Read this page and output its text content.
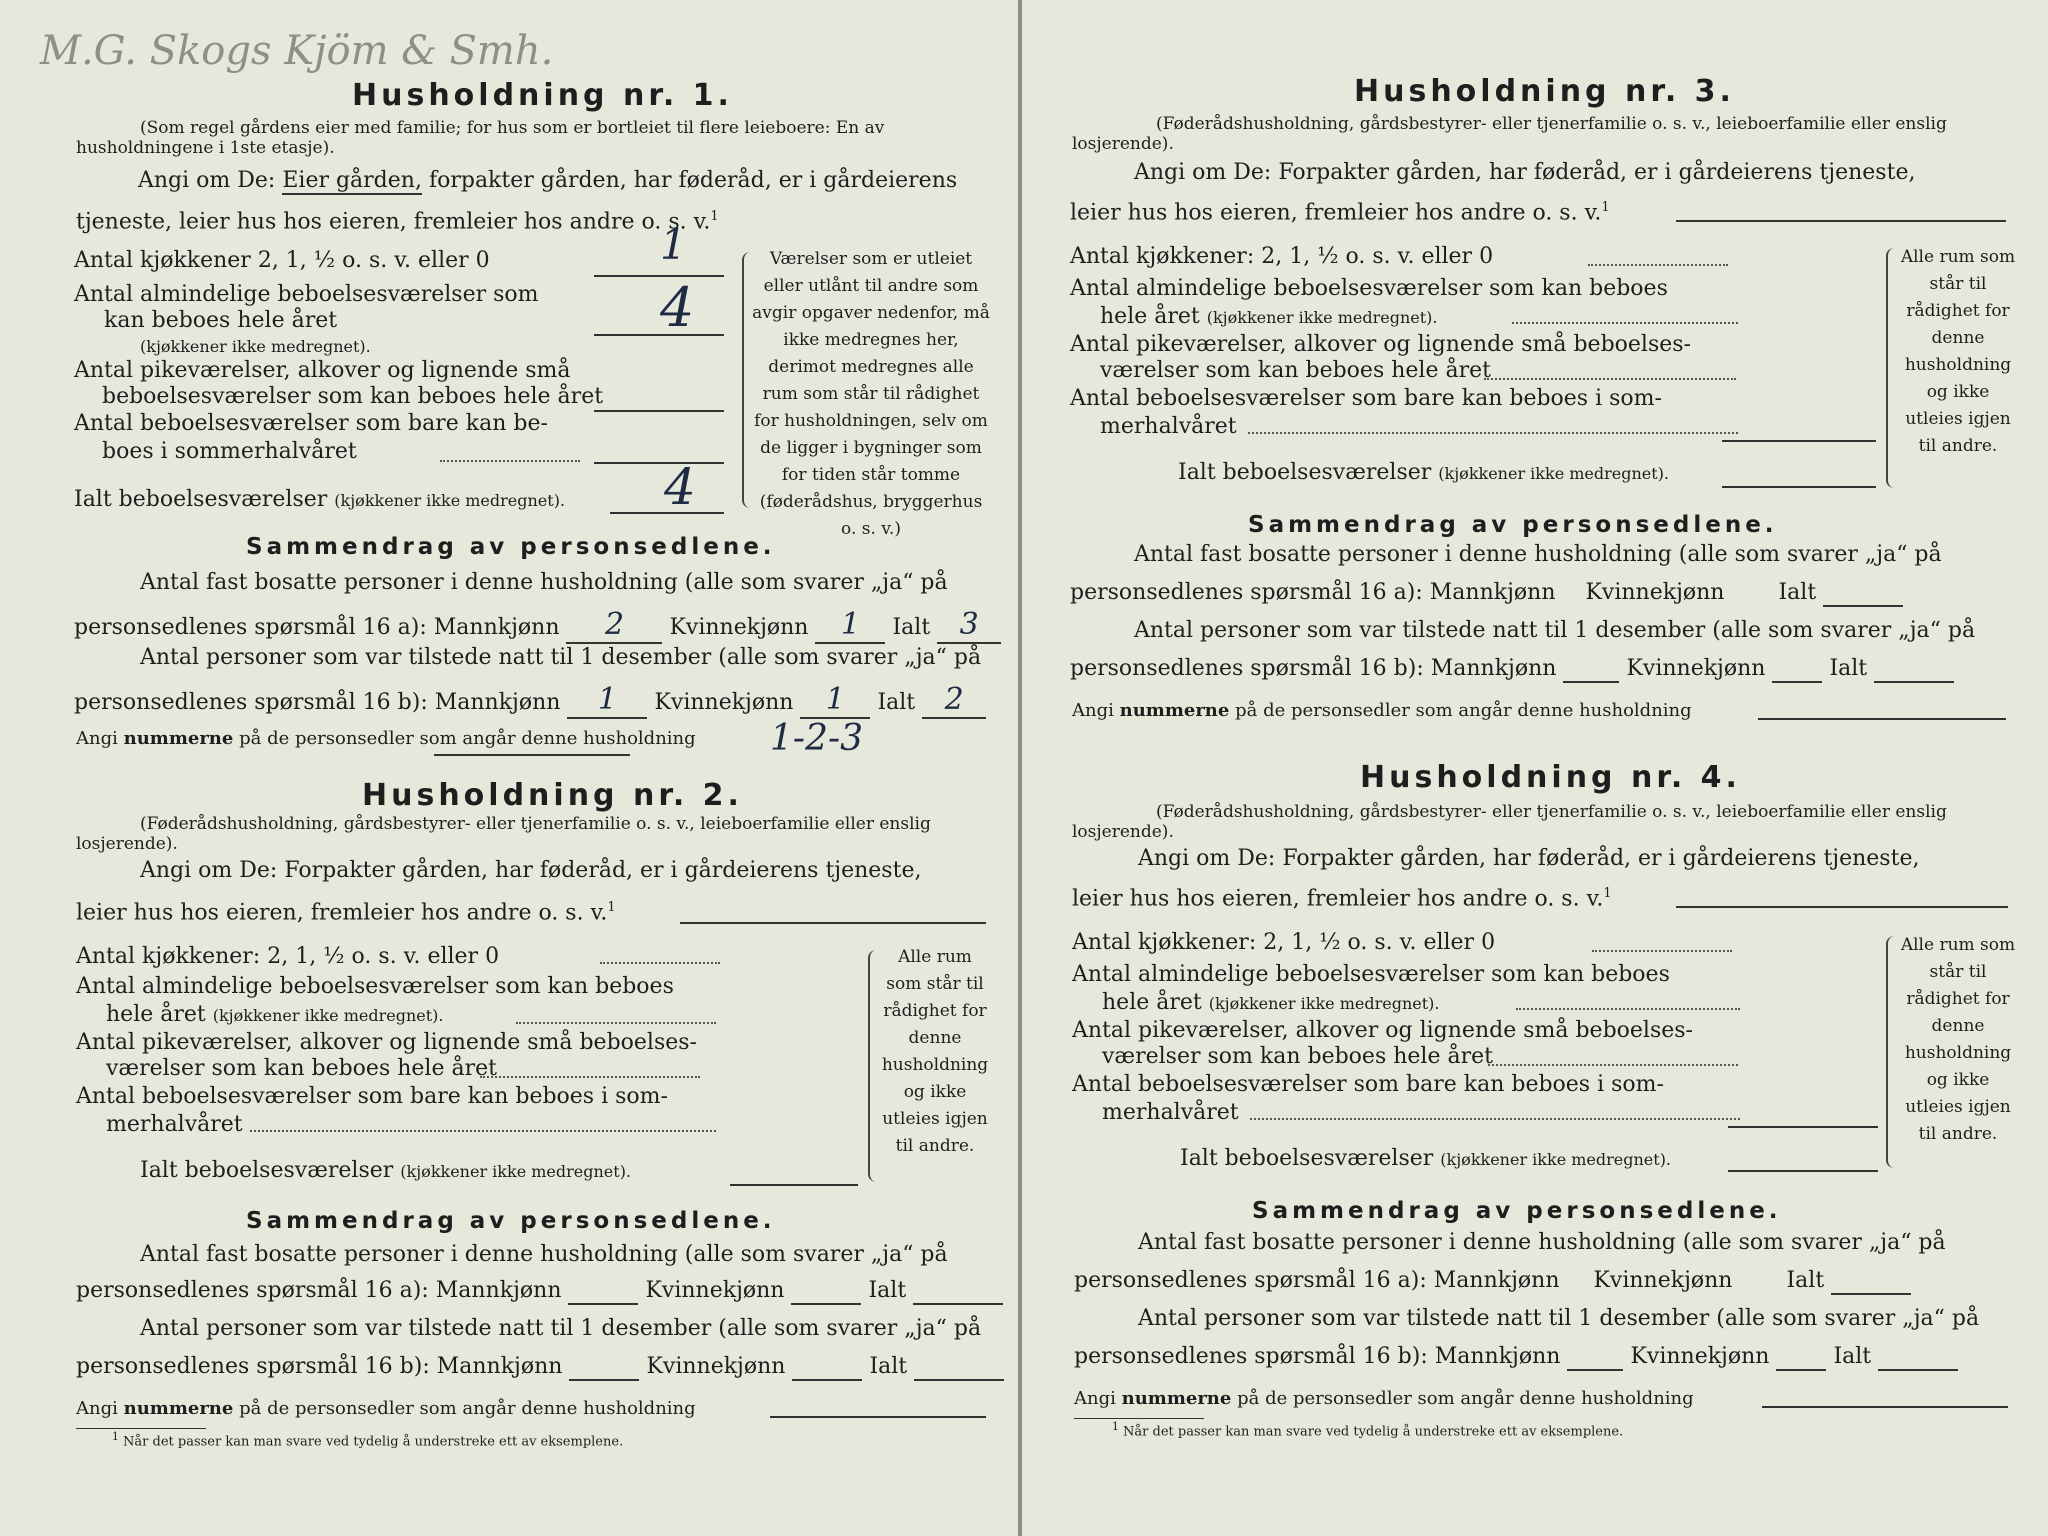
M.G. Skogs Kjöm & Smh.
Husholdning nr. 1.
(Som regel gårdens eier med familie; for hus som er bortleiet til flere leieboere: En av husholdningene i 1ste etasje).
Angi om De: Eier gården, forpakter gården, har føderåd, er i gårdeierens tjeneste, leier hus hos eieren, fremleier hos andre o. s. v.$^1$
Antal kjøkkener 2, 1, ½ o. s. v. eller 0	1
Antal almindelige beboelsesværelser som
kan beboes hele året
(kjøkkener ikke medregnet).
4
Antal pikeværelser, alkover og lignende små
beboelsesværelser som kan beboes hele året
Antal beboelsesværelser som bare kan be-
boes i sommerhalvåret
Ialt beboelsesværelser (kjøkkener ikke medregnet). 4
Værelser som er utleiet eller utlånt til andre som avgir opgaver nedenfor, må ikke medregnes her, derimot medregnes alle rum som står til rådighet for husholdningen, selv om de ligger i bygninger som for tiden står tomme (føderådshus, bryggerhus o. s. v.)
Sammendrag av personsedlene.
Antal fast bosatte personer i denne husholdning (alle som svarer „ja“ på
personsedlenes spørsmål 16 a): Mannkjønn 2 Kvinnekjønn 1 Ialt 3
Antal personer som var tilstede natt til 1 desember (alle som svarer „ja“ på
personsedlenes spørsmål 16 b): Mannkjønn 1 Kvinnekjønn 1 Ialt 2
Angi nummerne på de personsedler som angår denne husholdning 1-2-3
Husholdning nr. 2.
(Føderådshusholdning, gårdsbestyrer- eller tjenerfamilie o. s. v., leieboerfamilie eller enslig losjerende).
Angi om De: Forpakter gården, har føderåd, er i gårdeierens tjeneste,
leier hus hos eieren, fremleier hos andre o. s. v.$^1$
Antal kjøkkener: 2, 1, ½ o. s. v. eller 0
Antal almindelige beboelsesværelser som kan beboes
hele året (kjøkkener ikke medregnet).
Antal pikeværelser, alkover og lignende små beboelses-
værelser som kan beboes hele året
Antal beboelsesværelser som bare kan beboes i som-
merhalvåret
Ialt beboelsesværelser (kjøkkener ikke medregnet).
Alle rum som står til rådighet for denne husholdning og ikke utleies igjen til andre.
Sammendrag av personsedlene.
Antal fast bosatte personer i denne husholdning (alle som svarer „ja“ på
personsedlenes spørsmål 16 a): Mannkjønn	Kvinnekjønn	Ialt
Antal personer som var tilstede natt til 1 desember (alle som svarer „ja“ på
personsedlenes spørsmål 16 b): Mannkjønn	Kvinnekjønn	Ialt
Angi nummerne på de personsedler som angår denne husholdning
$^1$ Når det passer kan man svare ved tydelig å understreke ett av eksemplene.
Husholdning nr. 3.
(Føderådshusholdning, gårdsbestyrer- eller tjenerfamilie o. s. v., leieboerfamilie eller enslig losjerende).
Angi om De: Forpakter gården, har føderåd, er i gårdeierens tjeneste,
leier hus hos eieren, fremleier hos andre o. s. v.$^1$
Antal kjøkkener: 2, 1, ½ o. s. v. eller 0
Antal almindelige beboelsesværelser som kan beboes
hele året (kjøkkener ikke medregnet).
Antal pikeværelser, alkover og lignende små beboelses-
værelser som kan beboes hele året
Antal beboelsesværelser som bare kan beboes i som-
merhalvåret
Ialt beboelsesværelser (kjøkkener ikke medregnet).
Alle rum som står til rådighet for denne husholdning og ikke utleies igjen til andre.
Sammendrag av personsedlene.
Antal fast bosatte personer i denne husholdning (alle som svarer „ja“ på
personsedlenes spørsmål 16 a): Mannkjønn Kvinnekjønn Ialt
Antal personer som var tilstede natt til 1 desember (alle som svarer „ja“ på
personsedlenes spørsmål 16 b): Mannkjønn	Kvinnekjønn	Ialt
Angi nummerne på de personsedler som angår denne husholdning
Husholdning nr. 4.
(Føderådshusholdning, gårdsbestyrer- eller tjenerfamilie o. s. v., leieboerfamilie eller enslig losjerende).
Angi om De: Forpakter gården, har føderåd, er i gårdeierens tjeneste,
leier hus hos eieren, fremleier hos andre o. s. v.$^1$
Antal kjøkkener: 2, 1, ½ o. s. v. eller 0
Antal almindelige beboelsesværelser som kan beboes
hele året (kjøkkener ikke medregnet).
Antal pikeværelser, alkover og lignende små beboelses-
værelser som kan beboes hele året
Antal beboelsesværelser som bare kan beboes i som-
merhalvåret
Ialt beboelsesværelser (kjøkkener ikke medregnet).
Alle rum som står til rådighet for denne husholdning og ikke utleies igjen til andre.
Sammendrag av personsedlene.
Antal fast bosatte personer i denne husholdning (alle som svarer „ja“ på
personsedlenes spørsmål 16 a): Mannkjønn Kvinnekjønn Ialt
Antal personer som var tilstede natt til 1 desember (alle som svarer „ja“ på
personsedlenes spørsmål 16 b): Mannkjønn	Kvinnekjønn	Ialt
Angi nummerne på de personsedler som angår denne husholdning
$^1$ Når det passer kan man svare ved tydelig å understreke ett av eksemplene.
